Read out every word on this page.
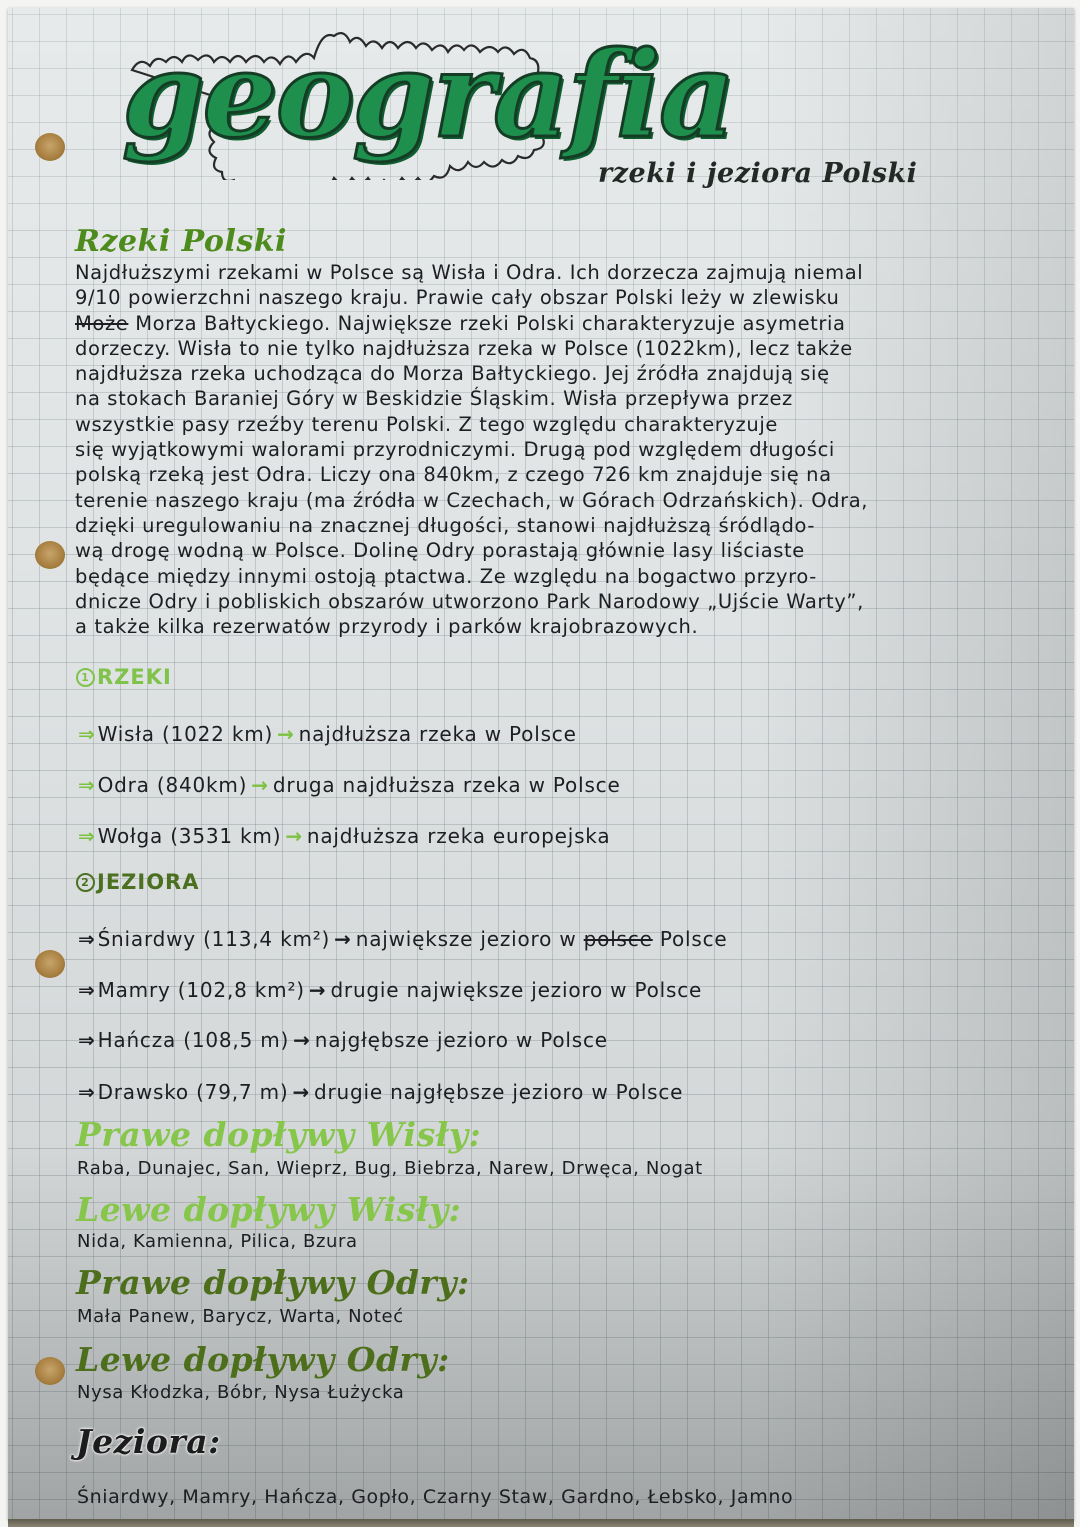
geografia
rzeki i jeziora Polski
Rzeki Polski
Najdłuższymi rzekami w Polsce są Wisła i Odra. Ich dorzecza zajmują niemal
9/10 powierzchni naszego kraju. Prawie cały obszar Polski leży w zlewisku
Może Morza Bałtyckiego. Największe rzeki Polski charakteryzuje asymetria
dorzeczy. Wisła to nie tylko najdłuższa rzeka w Polsce (1022km), lecz także
najdłuższa rzeka uchodząca do Morza Bałtyckiego. Jej źródła znajdują się
na stokach Baraniej Góry w Beskidzie Śląskim. Wisła przepływa przez
wszystkie pasy rzeźby terenu Polski. Z tego względu charakteryzuje
się wyjątkowymi walorami przyrodniczymi. Drugą pod względem długości
polską rzeką jest Odra. Liczy ona 840km, z czego 726 km znajduje się na
terenie naszego kraju (ma źródła w Czechach, w Górach Odrzańskich). Odra,
dzięki uregulowaniu na znacznej długości, stanowi najdłuższą śródlądo-
wą drogę wodną w Polsce. Dolinę Odry porastają głównie lasy liściaste
będące między innymi ostoją ptactwa. Ze względu na bogactwo przyro-
dnicze Odry i pobliskich obszarów utworzono Park Narodowy „Ujście Warty”,
a także kilka rezerwatów przyrody i parków krajobrazowych.
1 RZEKI
⇒ Wisła (1022 km) → najdłuższa rzeka w Polsce
⇒ Odra (840km) → druga najdłuższa rzeka w Polsce
⇒ Wołga (3531 km) → najdłuższa rzeka europejska
2 JEZIORA
⇒ Śniardwy (113,4 km²) → największe jezioro w polsce Polsce
⇒ Mamry (102,8 km²) → drugie największe jezioro w Polsce
⇒ Hańcza (108,5 m) → najgłębsze jezioro w Polsce
⇒ Drawsko (79,7 m) → drugie najgłębsze jezioro w Polsce
Prawe dopływy Wisły:
Raba, Dunajec, San, Wieprz, Bug, Biebrza, Narew, Drwęca, Nogat
Lewe dopływy Wisły:
Nida, Kamienna, Pilica, Bzura
Prawe dopływy Odry:
Mała Panew, Barycz, Warta, Noteć
Lewe dopływy Odry:
Nysa Kłodzka, Bóbr, Nysa Łużycka
Jeziora:
Śniardwy, Mamry, Hańcza, Gopło, Czarny Staw, Gardno, Łebsko, Jamno
